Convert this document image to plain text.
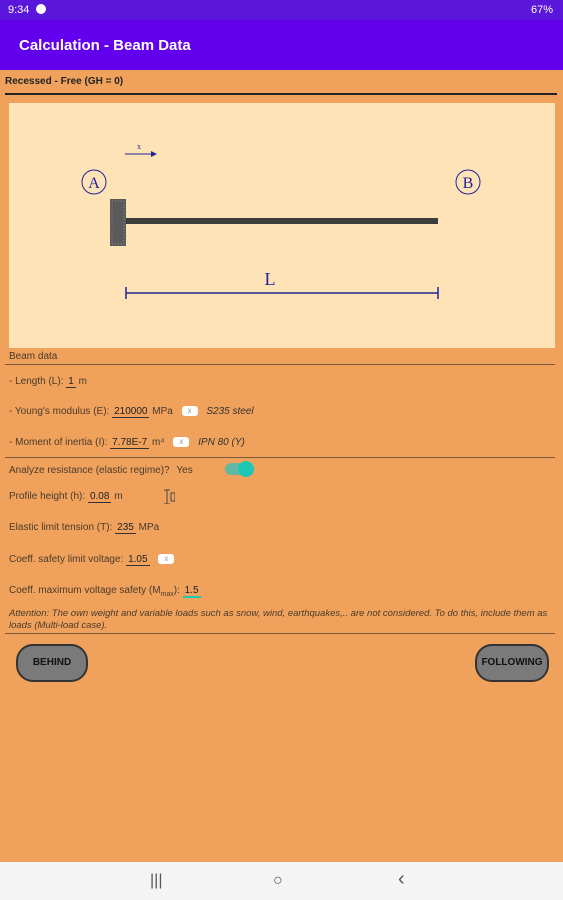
9:34	67%
Calculation - Beam Data
Recessed - Free (GH = 0)
x
A	B
L
Beam data
- Length (L): 1 m
- Young's modulus (E): 210000 MPa x S235 steel
- Moment of inertia (I): 7.78E-7 m⁴ x IPN 80 (Y)
Analyze resistance (elastic regime)? Yes
Profile height (h): 0.08 m
Elastic limit tension (T): 235 MPa
Coeff. safety limit voltage: 1.05 x
Coeff. maximum voltage safety $(M_{max})$: 1.5
Attention: The own weight and variable loads such as snow, wind, earthquakes,.. are not considered. To do this, include them as loads (Multi-load case).
BEHIND	FOLLOWING
|||	○	‹
